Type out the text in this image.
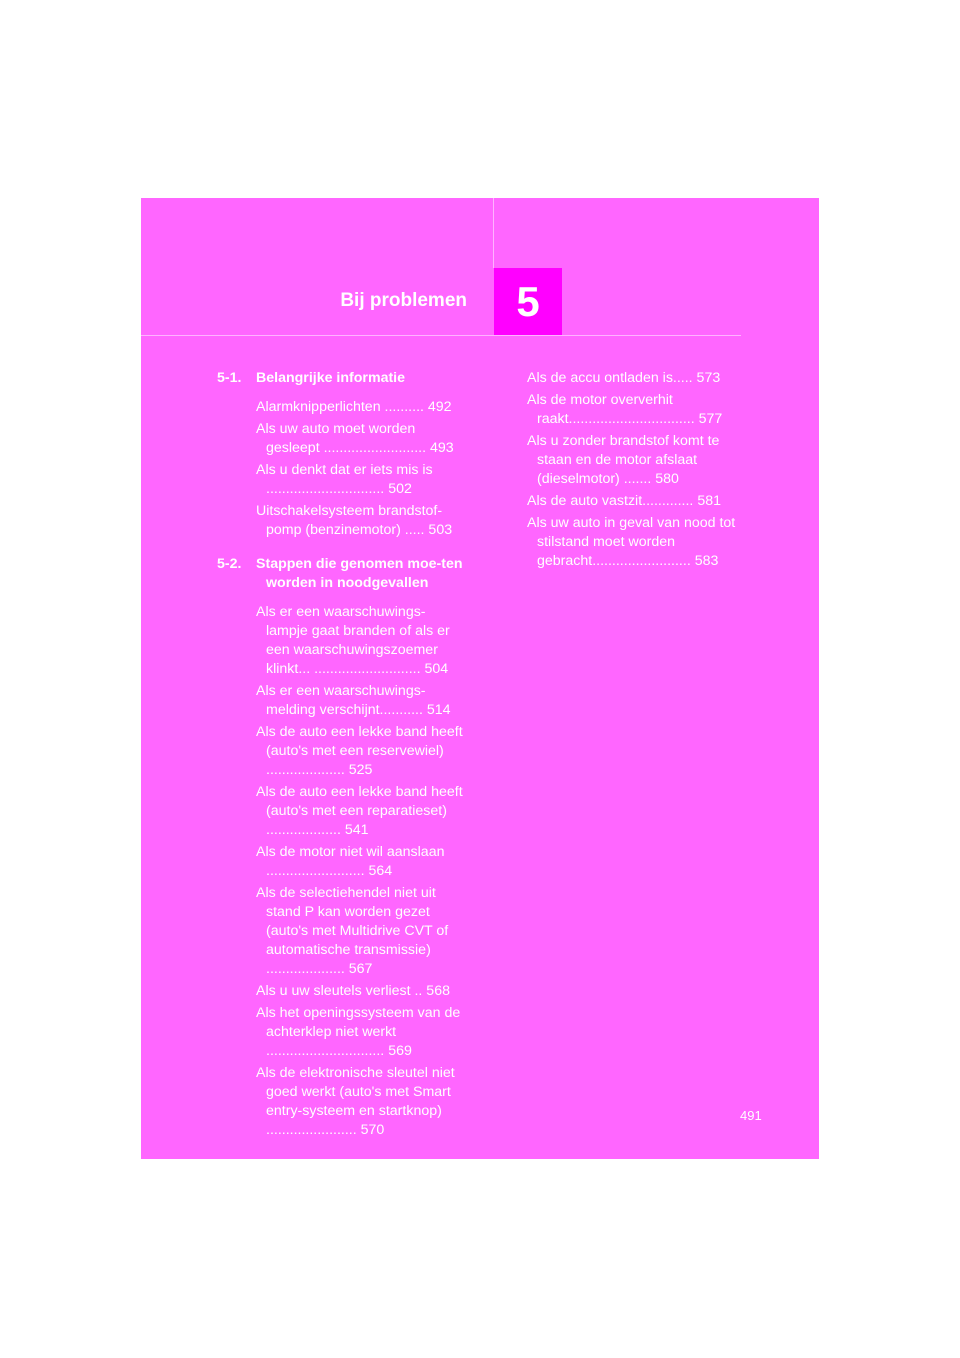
Bij problemen	5
5-1. Belangrijke informatie
Alarmknipperlichten .......... 492
Als uw auto moet worden gesleept .......................... 493
Als u denkt dat er iets mis is .............................. 502
Uitschakelsysteem brandstof-pomp (benzinemotor) ..... 503
5-2. Stappen die genomen moe-ten worden in noodgevallen
Als er een waarschuwings-lampje gaat branden of als er een waarschuwingszoemer klinkt... ........................... 504
Als er een waarschuwings-melding verschijnt........... 514
Als de auto een lekke band heeft (auto's met een reservewiel) .................... 525
Als de auto een lekke band heeft (auto's met een reparatieset) ................... 541
Als de motor niet wil aanslaan ......................... 564
Als de selectiehendel niet uit stand P kan worden gezet (auto's met Multidrive CVT of automatische transmissie) .................... 567
Als u uw sleutels verliest .. 568
Als het openingssysteem van de achterklep niet werkt .............................. 569
Als de elektronische sleutel niet goed werkt (auto's met Smart entry-systeem en startknop) ....................... 570
Als de accu ontladen is..... 573
Als de motor oververhit raakt................................ 577
Als u zonder brandstof komt te staan en de motor afslaat (dieselmotor) ....... 580
Als de auto vastzit............. 581
Als uw auto in geval van nood tot stilstand moet worden gebracht......................... 583
491
